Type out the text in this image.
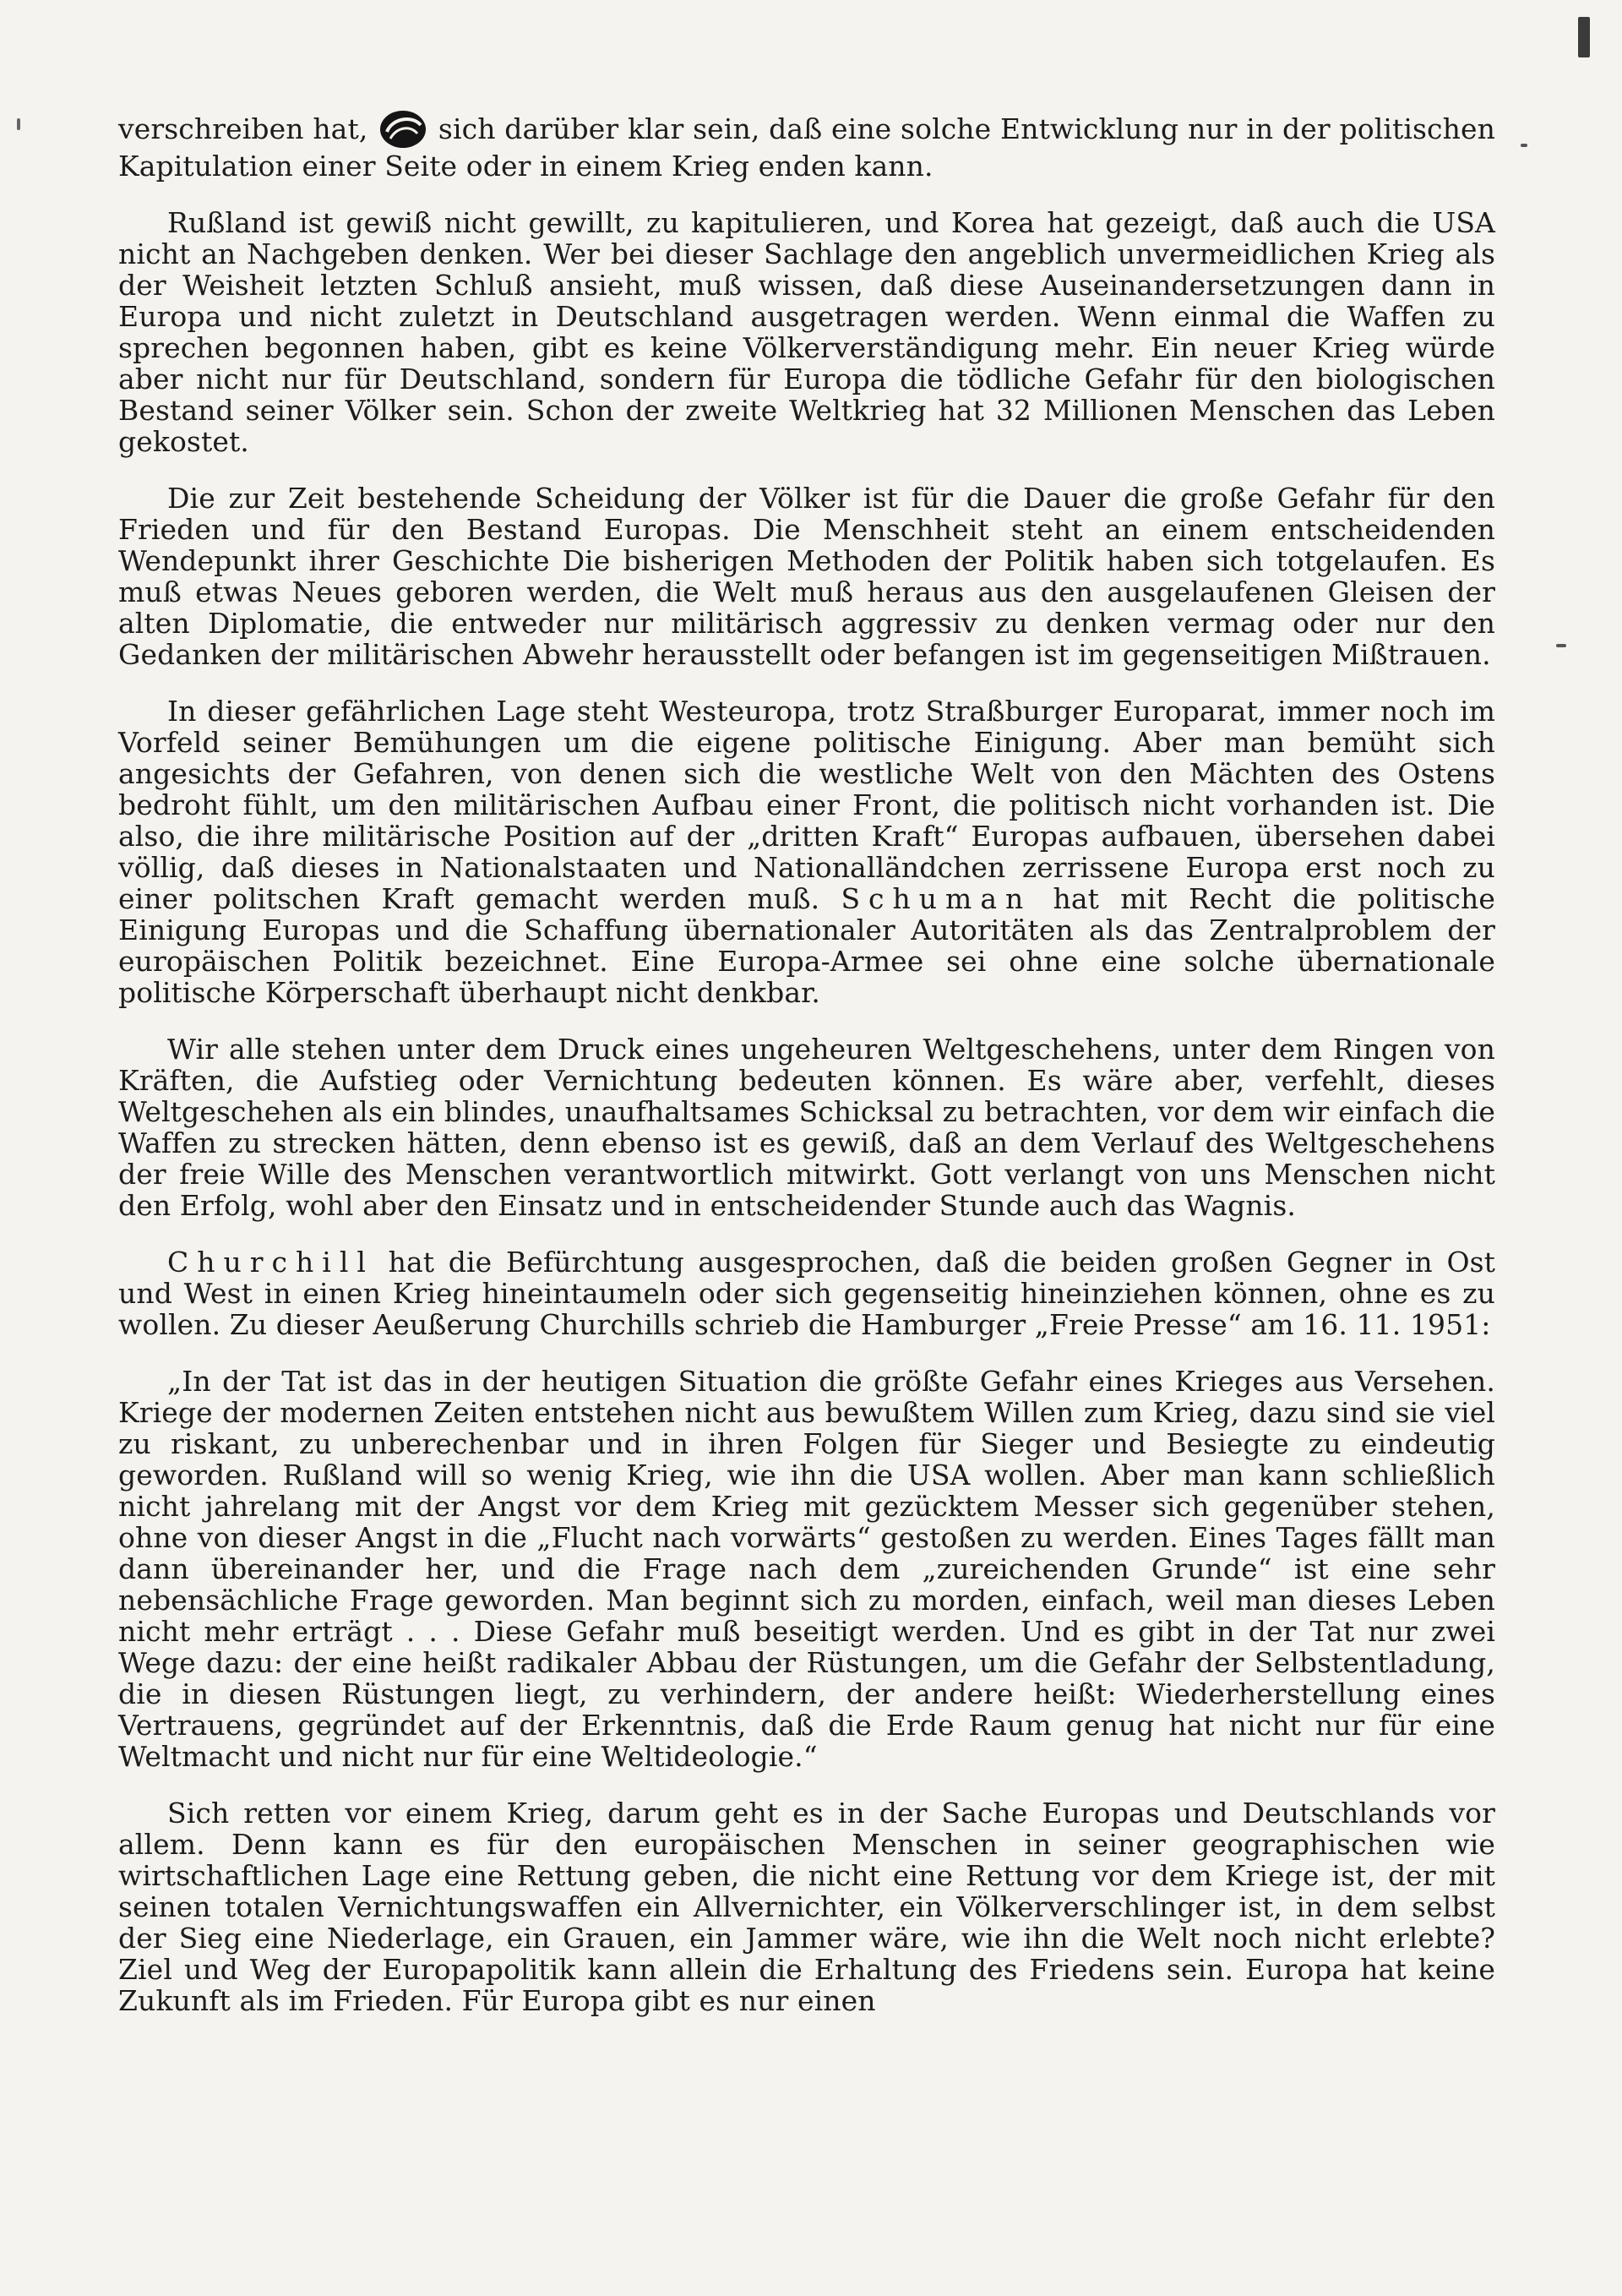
verschreiben hat,	sich darüber klar sein, daß eine solche Entwicklung nur in der politischen Kapitulation einer Seite oder in einem Krieg enden kann.

Rußland ist gewiß nicht gewillt, zu kapitulieren, und Korea hat gezeigt, daß auch die USA nicht an Nachgeben denken. Wer bei dieser Sachlage den angeblich unvermeidlichen Krieg als der Weisheit letzten Schluß ansieht, muß wissen, daß diese Auseinandersetzungen dann in Europa und nicht zuletzt in Deutschland ausgetragen werden. Wenn einmal die Waffen zu sprechen begonnen haben, gibt es keine Völkerverständigung mehr. Ein neuer Krieg würde aber nicht nur für Deutschland, sondern für Europa die tödliche Gefahr für den biologischen Bestand seiner Völker sein. Schon der zweite Weltkrieg hat 32 Millionen Menschen das Leben gekostet.

Die zur Zeit bestehende Scheidung der Völker ist für die Dauer die große Gefahr für den Frieden und für den Bestand Europas. Die Menschheit steht an einem entscheidenden Wendepunkt ihrer Geschichte Die bisherigen Methoden der Politik haben sich totgelaufen. Es muß etwas Neues geboren werden, die Welt muß heraus aus den ausgelaufenen Gleisen der alten Diplomatie, die entweder nur militärisch aggressiv zu denken vermag oder nur den Gedanken der militärischen Abwehr herausstellt oder befangen ist im gegenseitigen Mißtrauen.

In dieser gefährlichen Lage steht Westeuropa, trotz Straßburger Europarat, immer noch im Vorfeld seiner Bemühungen um die eigene politische Einigung. Aber man bemüht sich angesichts der Gefahren, von denen sich die westliche Welt von den Mächten des Ostens bedroht fühlt, um den militärischen Aufbau einer Front, die politisch nicht vorhanden ist. Die also, die ihre militärische Position auf der „dritten Kraft“ Europas aufbauen, übersehen dabei völlig, daß dieses in Nationalstaaten und Nationalländchen zerrissene Europa erst noch zu einer politschen Kraft gemacht werden muß. Schuman hat mit Recht die politische Einigung Europas und die Schaffung übernationaler Autoritäten als das Zentralproblem der europäischen Politik bezeichnet. Eine Europa-Armee sei ohne eine solche übernationale politische Körperschaft überhaupt nicht denkbar.

Wir alle stehen unter dem Druck eines ungeheuren Weltgeschehens, unter dem Ringen von Kräften, die Aufstieg oder Vernichtung bedeuten können. Es wäre aber, verfehlt, dieses Weltgeschehen als ein blindes, unaufhaltsames Schicksal zu betrachten, vor dem wir einfach die Waffen zu strecken hätten, denn ebenso ist es gewiß, daß an dem Verlauf des Weltgeschehens der freie Wille des Menschen verantwortlich mitwirkt. Gott verlangt von uns Menschen nicht den Erfolg, wohl aber den Einsatz und in entscheidender Stunde auch das Wagnis.

Churchill hat die Befürchtung ausgesprochen, daß die beiden großen Gegner in Ost und West in einen Krieg hineintaumeln oder sich gegenseitig hineinziehen können, ohne es zu wollen. Zu dieser Aeußerung Churchills schrieb die Hamburger „Freie Presse“ am 16. 11. 1951:

„In der Tat ist das in der heutigen Situation die größte Gefahr eines Krieges aus Versehen. Kriege der modernen Zeiten entstehen nicht aus bewußtem Willen zum Krieg, dazu sind sie viel zu riskant, zu unberechenbar und in ihren Folgen für Sieger und Besiegte zu eindeutig geworden. Rußland will so wenig Krieg, wie ihn die USA wollen. Aber man kann schließlich nicht jahrelang mit der Angst vor dem Krieg mit gezücktem Messer sich gegenüber stehen, ohne von dieser Angst in die „Flucht nach vorwärts“ gestoßen zu werden. Eines Tages fällt man dann übereinander her, und die Frage nach dem „zureichenden Grunde“ ist eine sehr nebensächliche Frage geworden. Man beginnt sich zu morden, einfach, weil man dieses Leben nicht mehr erträgt . . . Diese Gefahr muß beseitigt werden. Und es gibt in der Tat nur zwei Wege dazu: der eine heißt radikaler Abbau der Rüstungen, um die Gefahr der Selbstentladung, die in diesen Rüstungen liegt, zu verhindern, der andere heißt: Wiederherstellung eines Vertrauens, gegründet auf der Erkenntnis, daß die Erde Raum genug hat nicht nur für eine Weltmacht und nicht nur für eine Weltideologie.“

Sich retten vor einem Krieg, darum geht es in der Sache Europas und Deutschlands vor allem. Denn kann es für den europäischen Menschen in seiner geographischen wie wirtschaftlichen Lage eine Rettung geben, die nicht eine Rettung vor dem Kriege ist, der mit seinen totalen Vernichtungswaffen ein Allvernichter, ein Völkerverschlinger ist, in dem selbst der Sieg eine Niederlage, ein Grauen, ein Jammer wäre, wie ihn die Welt noch nicht erlebte? Ziel und Weg der Europapolitik kann allein die Erhaltung des Friedens sein. Europa hat keine Zukunft als im Frieden. Für Europa gibt es nur einen
